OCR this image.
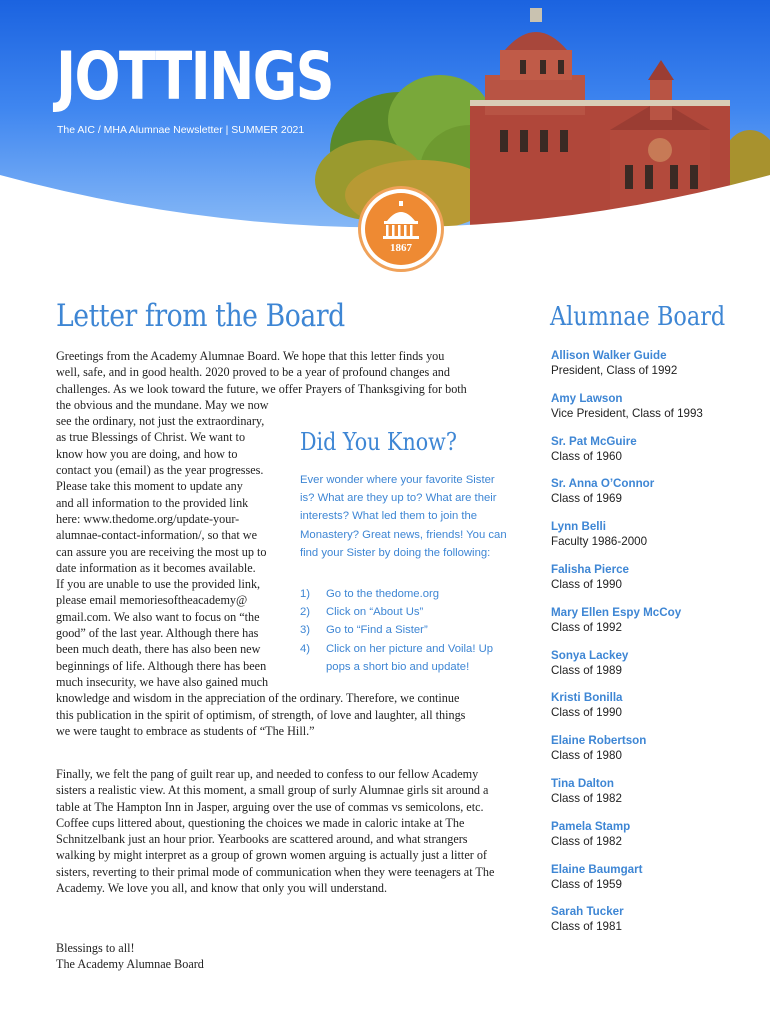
JOTTINGS
The AIC / MHA Alumnae Newsletter | SUMMER 2021
1867
Letter from the Board
Greetings from the Academy Alumnae Board. We hope that this letter finds you
well, safe, and in good health. 2020 proved to be a year of profound changes and
challenges. As we look toward the future, we offer Prayers of Thanksgiving for both
the obvious and the mundane. May we now
see the ordinary, not just the extraordinary,
as true Blessings of Christ. We want to
know how you are doing, and how to
contact you (email) as the year progresses.
Please take this moment to update any
and all information to the provided link
here: www.thedome.org/update-your-
alumnae-contact-information/, so that we
can assure you are receiving the most up to
date information as it becomes available.
If you are unable to use the provided link,
please email memoriesoftheacademy@
gmail.com. We also want to focus on “the
good” of the last year. Although there has
been much death, there has also been new
beginnings of life. Although there has been
much insecurity, we have also gained much
knowledge and wisdom in the appreciation of the ordinary. Therefore, we continue
this publication in the spirit of optimism, of strength, of love and laughter, all things
we were taught to embrace as students of “The Hill.”
Finally, we felt the pang of guilt rear up, and needed to confess to our fellow Academy sisters a realistic view. At this moment, a small group of surly Alumnae girls sit around a table at The Hampton Inn in Jasper, arguing over the use of commas vs semicolons, etc. Coffee cups littered about, questioning the choices we made in caloric intake at The Schnitzelbank just an hour prior. Yearbooks are scattered around, and what strangers walking by might interpret as a group of grown women arguing is actually just a litter of sisters, reverting to their primal mode of communication when they were teenagers at The Academy. We love you all, and know that only you will understand.
Blessings to all!
The Academy Alumnae Board
Did You Know?
Ever wonder where your favorite Sister is? What are they up to? What are their interests? What led them to join the Monastery? Great news, friends! You can find your Sister by doing the following:
1) Go to the thedome.org
2) Click on “About Us”
3) Go to “Find a Sister”
4) Click on her picture and Voila! Up pops a short bio and update!
Alumnae Board
Allison Walker Guide
President, Class of 1992
Amy Lawson
Vice President, Class of 1993
Sr. Pat McGuire
Class of 1960
Sr. Anna O’Connor
Class of 1969
Lynn Belli
Faculty 1986-2000
Falisha Pierce
Class of 1990
Mary Ellen Espy McCoy
Class of 1992
Sonya Lackey
Class of 1989
Kristi Bonilla
Class of 1990
Elaine Robertson
Class of 1980
Tina Dalton
Class of 1982
Pamela Stamp
Class of 1982
Elaine Baumgart
Class of 1959
Sarah Tucker
Class of 1981
